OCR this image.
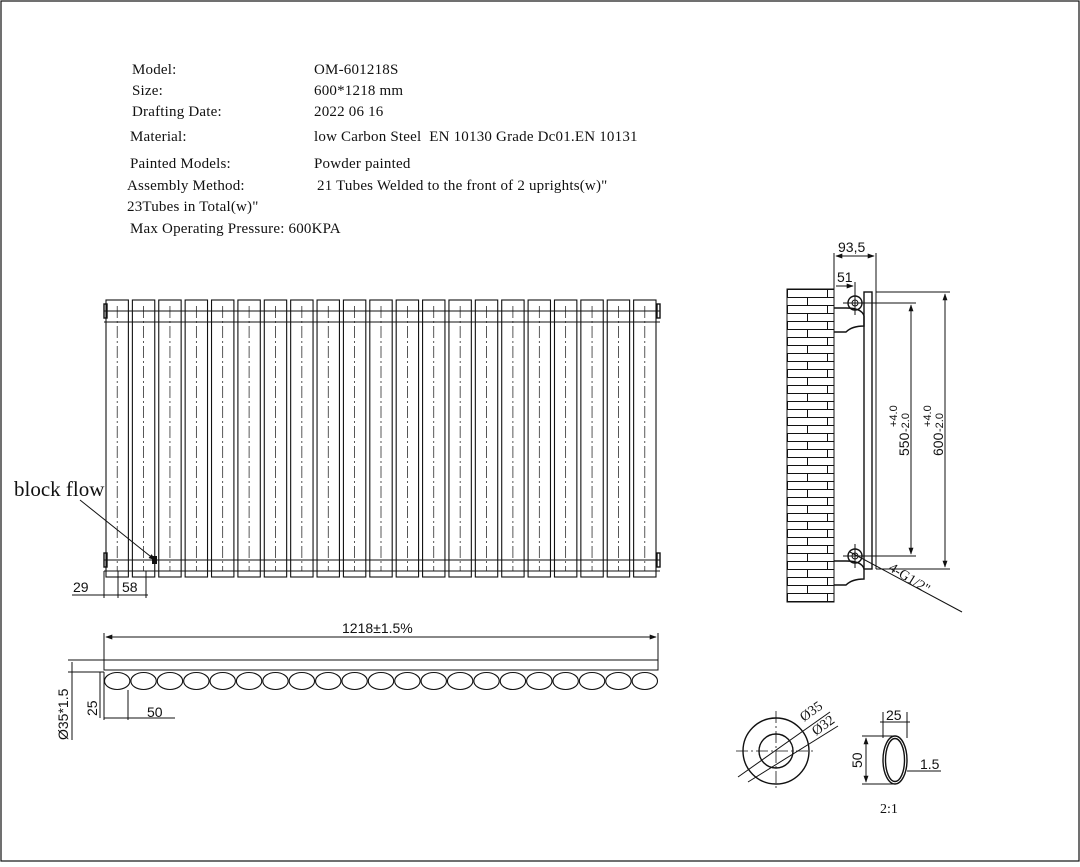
block flow
29 58
1218±1.5%
Ø35*1.5 25	50
4-G1/2"
93,5
51
550
+4.0 -2.0
600
+4.0 -2.0
Ø35
Ø32	25
50	1.5
2:1
Model:	OM-601218S
Size:	600*1218 mm
Drafting Date:	2022 06 16
Material:	low Carbon Steel  EN 10130 Grade Dc01.EN 10131
Painted Models:	Powder painted
Assembly Method:	21 Tubes Welded to the front of 2 uprights(w)"
23Tubes in Total(w)"
Max Operating Pressure: 600KPA
